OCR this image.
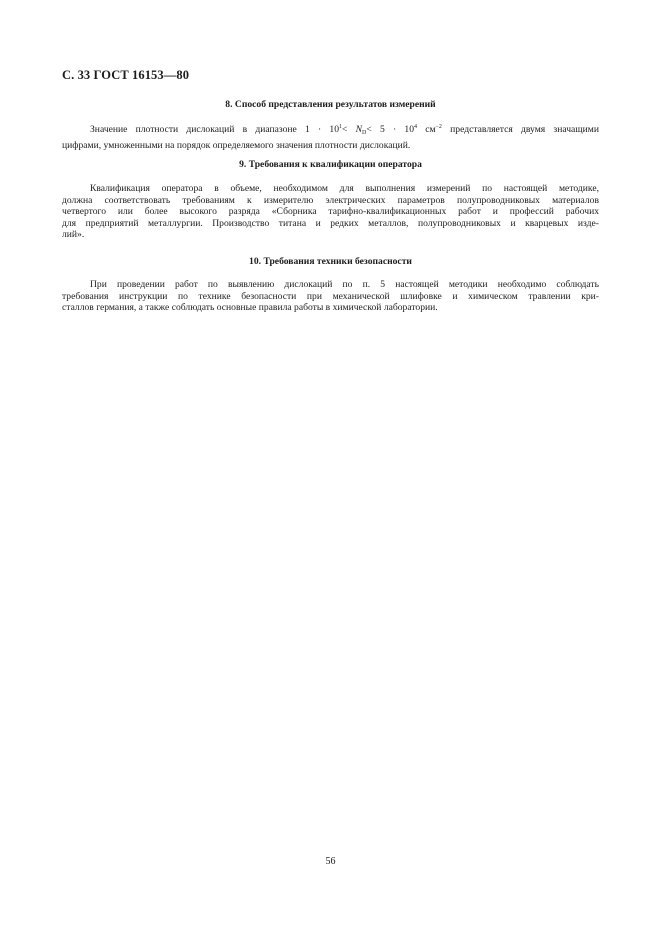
С. 33 ГОСТ 16153—80
8. Способ представления результатов измерений
Значение плотности дислокаций в диапазоне $1 \cdot 10^1< N_D< 5 \cdot 10^4$ $см^{-2}$ представляется двумя значащими
цифрами, умноженными на порядок определяемого значения плотности дислокаций.
9. Требования к квалификации оператора
Квалификация оператора в объеме, необходимом для выполнения измерений по настоящей методике,
должна соответствовать требованиям к измерителю электрических параметров полупроводниковых материалов
четвертого или более высокого разряда «Сборника тарифно-квалификационных работ и профессий рабочих
для предприятий металлургии. Производство титана и редких металлов, полупроводниковых и кварцевых изде-
лий».
10. Требования техники безопасности
При проведении работ по выявлению дислокаций по п. 5 настоящей методики необходимо соблюдать
требования инструкции по технике безопасности при механической шлифовке и химическом травлении кри-
сталлов германия, а также соблюдать основные правила работы в химической лаборатории.
56
